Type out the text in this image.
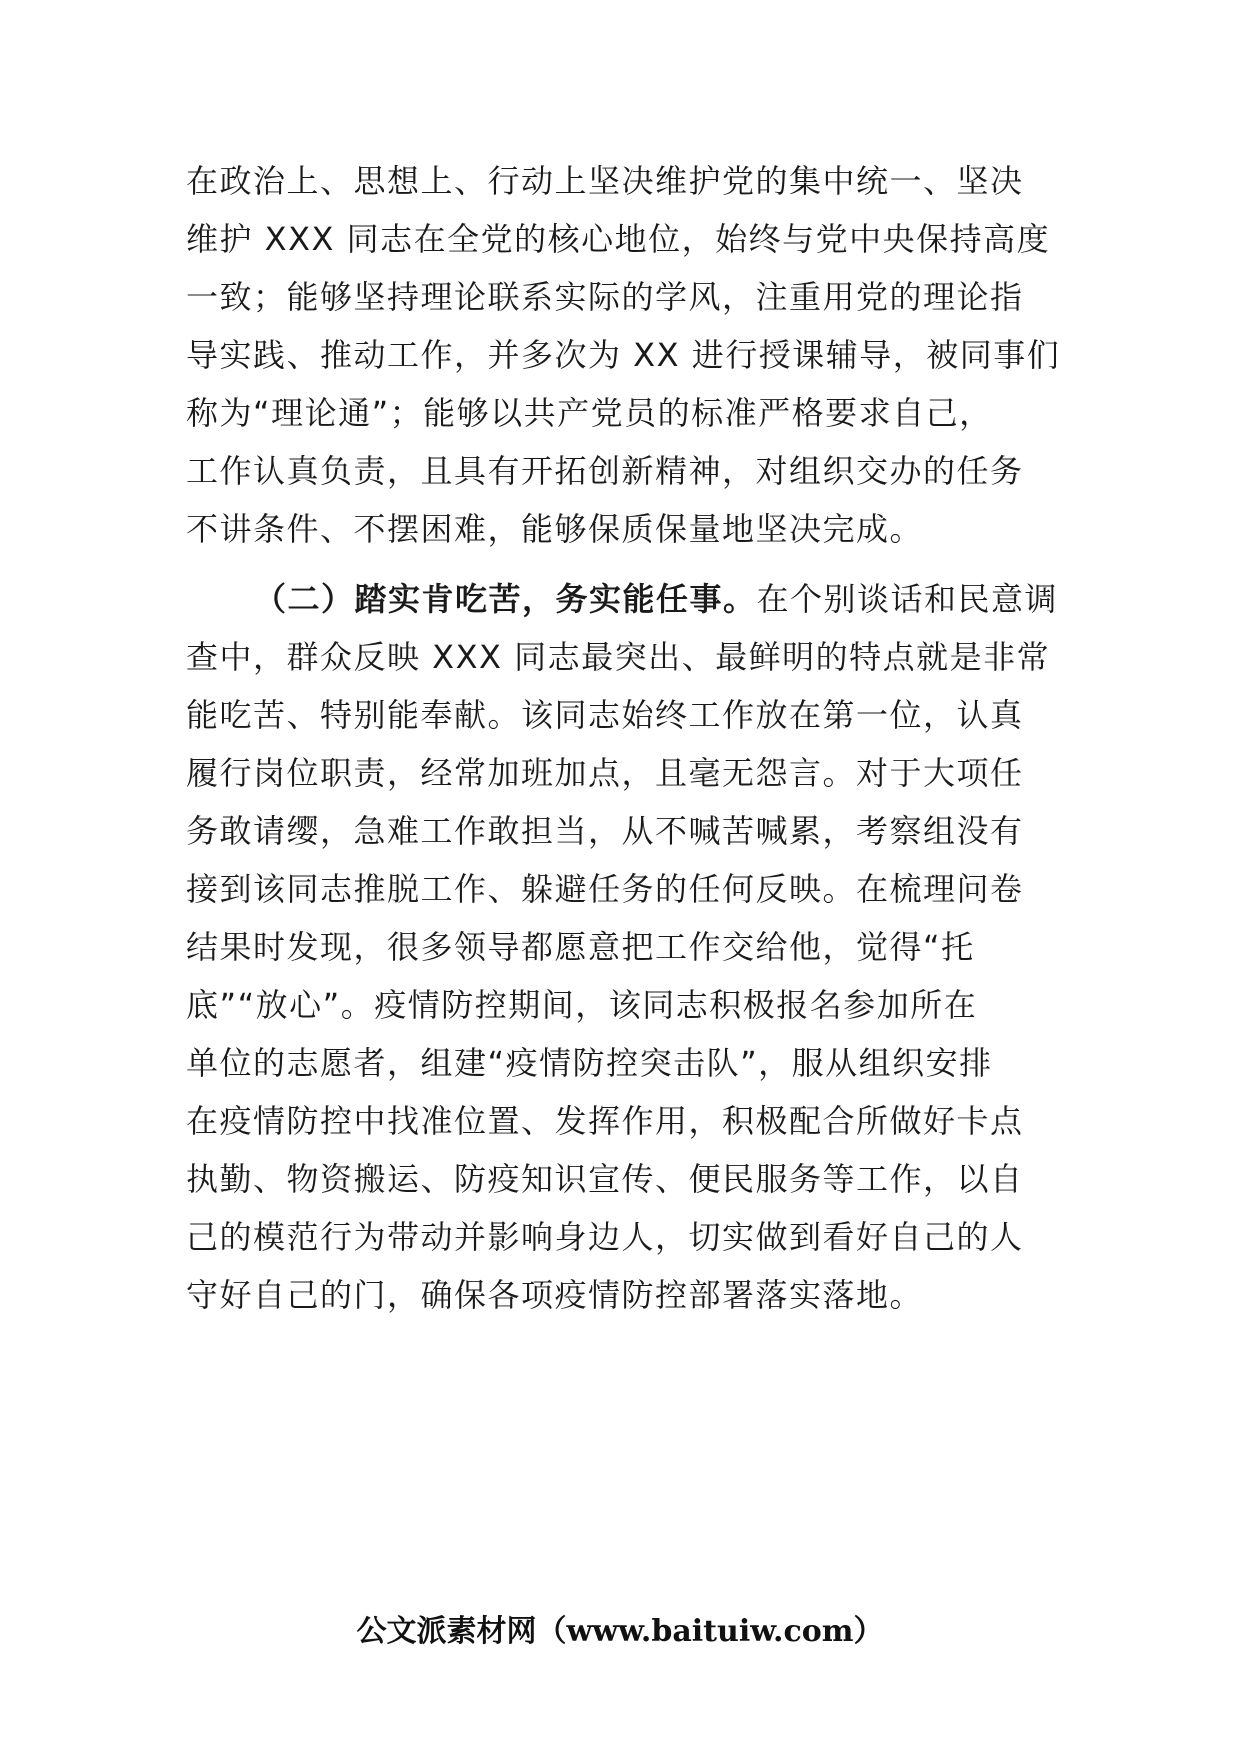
在政治上、思想上、行动上坚决维护党的集中统一、坚决
维护 XXX 同志在全党的核心地位，始终与党中央保持高度
一致；能够坚持理论联系实际的学风，注重用党的理论指
导实践、推动工作，并多次为 XX 进行授课辅导，被同事们
称为“理论通”；能够以共产党员的标准严格要求自己，
工作认真负责，且具有开拓创新精神，对组织交办的任务
不讲条件、不摆困难，能够保质保量地坚决完成。
（二）踏实肯吃苦，务实能任事。在个别谈话和民意调
查中，群众反映 XXX 同志最突出、最鲜明的特点就是非常
能吃苦、特别能奉献。该同志始终工作放在第一位，认真
履行岗位职责，经常加班加点，且毫无怨言。对于大项任
务敢请缨，急难工作敢担当，从不喊苦喊累，考察组没有
接到该同志推脱工作、躲避任务的任何反映。在梳理问卷
结果时发现，很多领导都愿意把工作交给他，觉得“托
底”“放心”。疫情防控期间，该同志积极报名参加所在
单位的志愿者，组建“疫情防控突击队”，服从组织安排
在疫情防控中找准位置、发挥作用，积极配合所做好卡点
执勤、物资搬运、防疫知识宣传、便民服务等工作，以自
己的模范行为带动并影响身边人，切实做到看好自己的人
守好自己的门，确保各项疫情防控部署落实落地。
公文派素材网（www.baituiw.com）
